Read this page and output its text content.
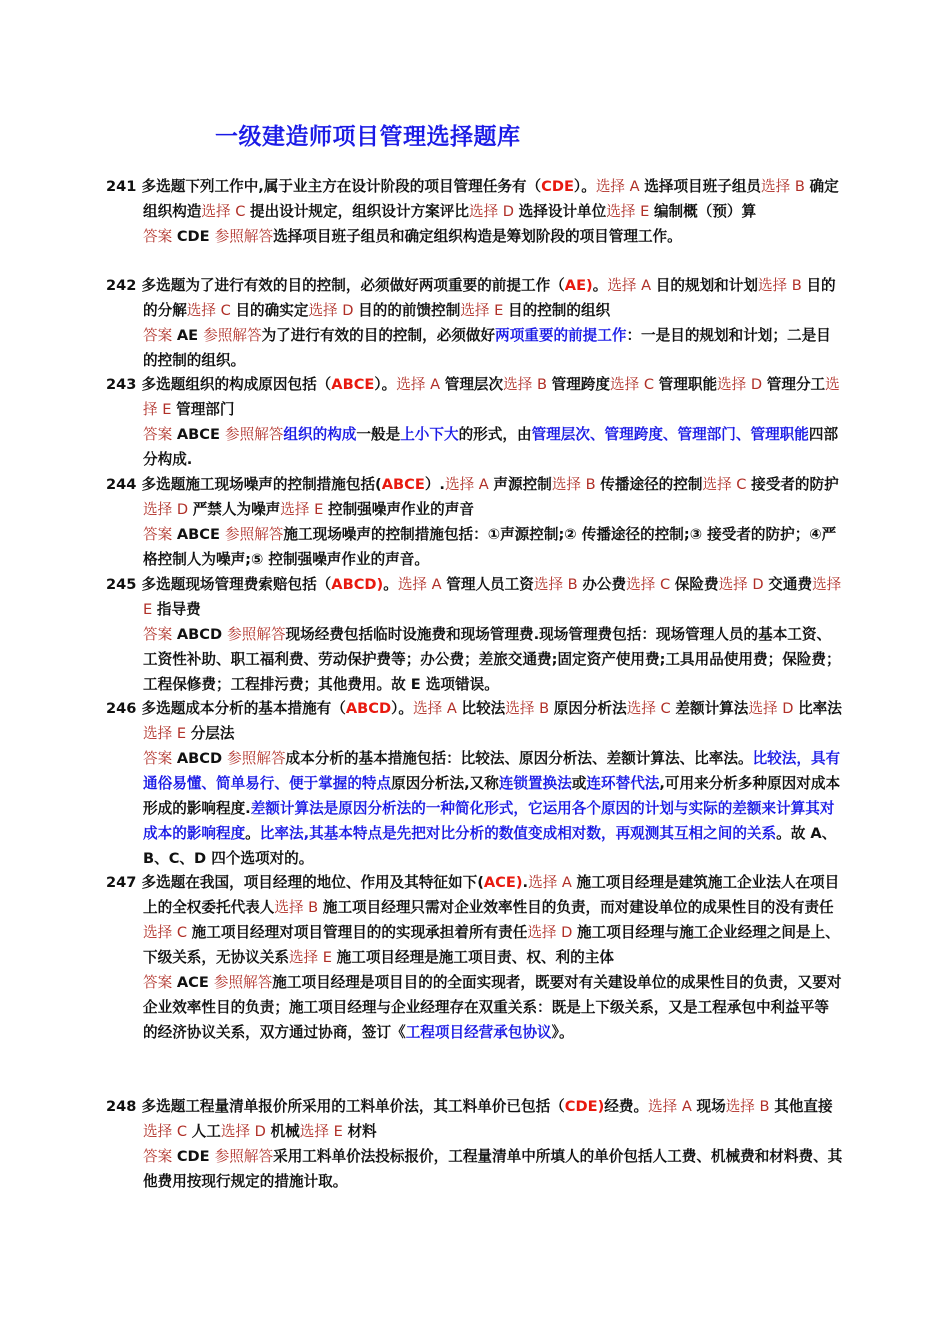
一级建造师项目管理选择题库
241 多选题下列工作中,属于业主方在设计阶段的项目管理任务有（CDE）。选择 A 选择项目班子组员选择 B 确定组织构造选择 C 提出设计规定，组织设计方案评比选择 D 选择设计单位选择 E 编制概（预）算
答案 CDE 参照解答选择项目班子组员和确定组织构造是筹划阶段的项目管理工作。
242 多选题为了进行有效的目的控制，必须做好两项重要的前提工作（AE)。选择 A 目的规划和计划选择 B 目的的分解选择 C 目的确实定选择 D 目的的前馈控制选择 E 目的控制的组织
答案 AE 参照解答为了进行有效的目的控制，必须做好两项重要的前提工作：一是目的规划和计划；二是目的控制的组织。
243 多选题组织的构成原因包括（ABCE）。选择 A 管理层次选择 B 管理跨度选择 C 管理职能选择 D 管理分工选择 E 管理部门
答案 ABCE 参照解答组织的构成一般是上小下大的形式，由管理层次、管理跨度、管理部门、管理职能四部分构成.
244 多选题施工现场噪声的控制措施包括(ABCE）.选择 A 声源控制选择 B 传播途径的控制选择 C 接受者的防护选择 D 严禁人为噪声选择 E 控制强噪声作业的声音
答案 ABCE 参照解答施工现场噪声的控制措施包括：①声源控制;② 传播途径的控制;③ 接受者的防护；④严格控制人为噪声;⑤ 控制强噪声作业的声音。
245 多选题现场管理费索赔包括（ABCD)。选择 A 管理人员工资选择 B 办公费选择 C 保险费选择 D 交通费选择 E 指导费
答案 ABCD 参照解答现场经费包括临时设施费和现场管理费.现场管理费包括：现场管理人员的基本工资、工资性补助、职工福利费、劳动保护费等；办公费；差旅交通费;固定资产使用费;工具用品使用费；保险费；工程保修费；工程排污费；其他费用。故 E 选项错误。
246 多选题成本分析的基本措施有（ABCD）。选择 A 比较法选择 B 原因分析法选择 C 差额计算法选择 D 比率法选择 E 分层法
答案 ABCD 参照解答成本分析的基本措施包括：比较法、原因分析法、差额计算法、比率法。比较法，具有通俗易懂、简单易行、便于掌握的特点原因分析法,又称连锁置换法或连环替代法,可用来分析多种原因对成本形成的影响程度.差额计算法是原因分析法的一种简化形式，它运用各个原因的计划与实际的差额来计算其对成本的影响程度。比率法,其基本特点是先把对比分析的数值变成相对数，再观测其互相之间的关系。故 A、B、C、D 四个选项对的。
247 多选题在我国，项目经理的地位、作用及其特征如下(ACE).选择 A 施工项目经理是建筑施工企业法人在项目上的全权委托代表人选择 B 施工项目经理只需对企业效率性目的负责，而对建设单位的成果性目的没有责任选择 C 施工项目经理对项目管理目的的实现承担着所有责任选择 D 施工项目经理与施工企业经理之间是上、下级关系，无协议关系选择 E 施工项目经理是施工项目责、权、利的主体
答案 ACE 参照解答施工项目经理是项目目的的全面实现者，既要对有关建设单位的成果性目的负责，又要对企业效率性目的负责；施工项目经理与企业经理存在双重关系：既是上下级关系，又是工程承包中利益平等的经济协议关系，双方通过协商，签订《工程项目经营承包协议》。
248 多选题工程量清单报价所采用的工料单价法，其工料单价已包括（CDE)经费。选择 A 现场选择 B 其他直接选择 C 人工选择 D 机械选择 E 材料
答案 CDE 参照解答采用工料单价法投标报价，工程量清单中所填人的单价包括人工费、机械费和材料费、其他费用按现行规定的措施计取。
